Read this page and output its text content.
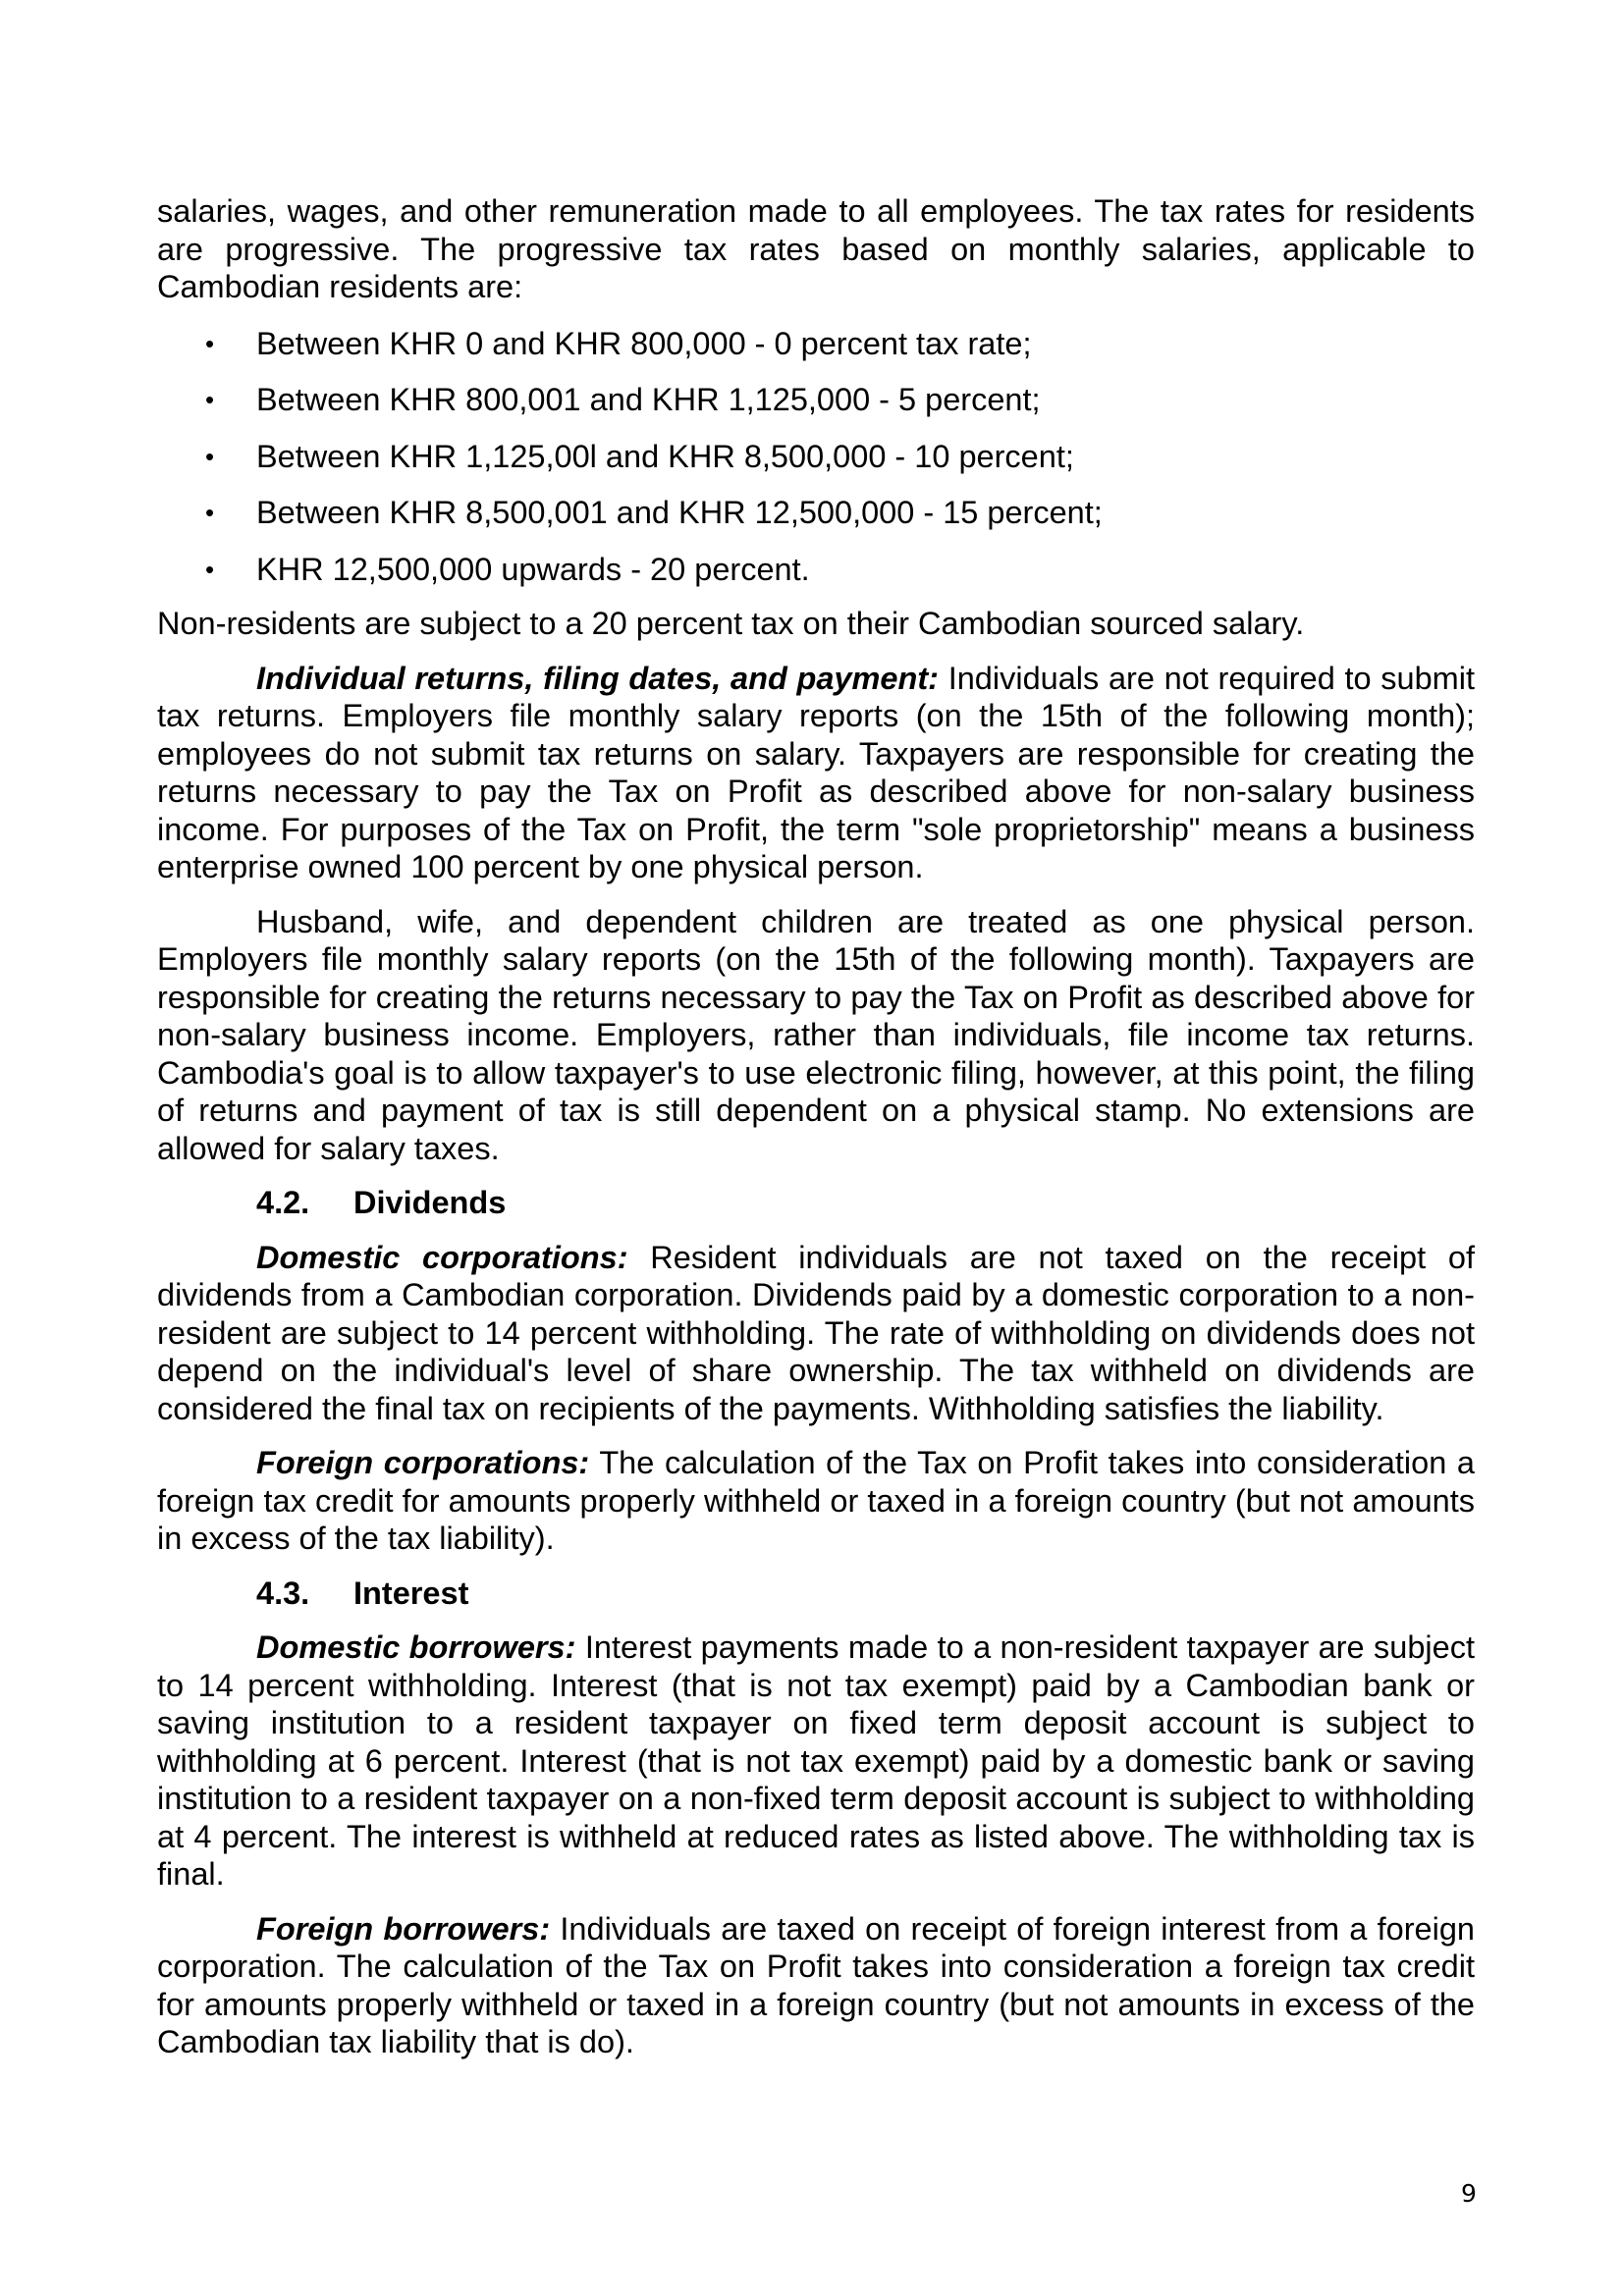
salaries, wages, and other remuneration made to all employees. The tax rates for residents are progressive. The progressive tax rates based on monthly salaries, applicable to Cambodian residents are:

• Between KHR 0 and KHR 800,000 - 0 percent tax rate;
• Between KHR 800,001 and KHR 1,125,000 - 5 percent;
• Between KHR 1,125,00l and KHR 8,500,000 - 10 percent;
• Between KHR 8,500,001 and KHR 12,500,000 - 15 percent;
• KHR 12,500,000 upwards - 20 percent.

Non-residents are subject to a 20 percent tax on their Cambodian sourced salary.

Individual returns, filing dates, and payment: Individuals are not required to submit tax returns. Employers file monthly salary reports (on the 15th of the following month); employees do not submit tax returns on salary. Taxpayers are responsible for creating the returns necessary to pay the Tax on Profit as described above for non-salary business income. For purposes of the Tax on Profit, the term "sole proprietorship" means a business enterprise owned 100 percent by one physical person.

Husband, wife, and dependent children are treated as one physical person. Employers file monthly salary reports (on the 15th of the following month). Taxpayers are responsible for creating the returns necessary to pay the Tax on Profit as described above for non-salary business income. Employers, rather than individuals, file income tax returns. Cambodia's goal is to allow taxpayer's to use electronic filing, however, at this point, the filing of returns and payment of tax is still dependent on a physical stamp. No extensions are allowed for salary taxes.

4.2. Dividends

Domestic corporations: Resident individuals are not taxed on the receipt of dividends from a Cambodian corporation. Dividends paid by a domestic corporation to a non-resident are subject to 14 percent withholding. The rate of withholding on dividends does not depend on the individual's level of share ownership. The tax withheld on dividends are considered the final tax on recipients of the payments. Withholding satisfies the liability.

Foreign corporations: The calculation of the Tax on Profit takes into consideration a foreign tax credit for amounts properly withheld or taxed in a foreign country (but not amounts in excess of the tax liability).

4.3. Interest

Domestic borrowers: Interest payments made to a non-resident taxpayer are subject to 14 percent withholding. Interest (that is not tax exempt) paid by a Cambodian bank or saving institution to a resident taxpayer on fixed term deposit account is subject to withholding at 6 percent. Interest (that is not tax exempt) paid by a domestic bank or saving institution to a resident taxpayer on a non-fixed term deposit account is subject to withholding at 4 percent. The interest is withheld at reduced rates as listed above. The withholding tax is final.

Foreign borrowers: Individuals are taxed on receipt of foreign interest from a foreign corporation. The calculation of the Tax on Profit takes into consideration a foreign tax credit for amounts properly withheld or taxed in a foreign country (but not amounts in excess of the Cambodian tax liability that is do).

9
